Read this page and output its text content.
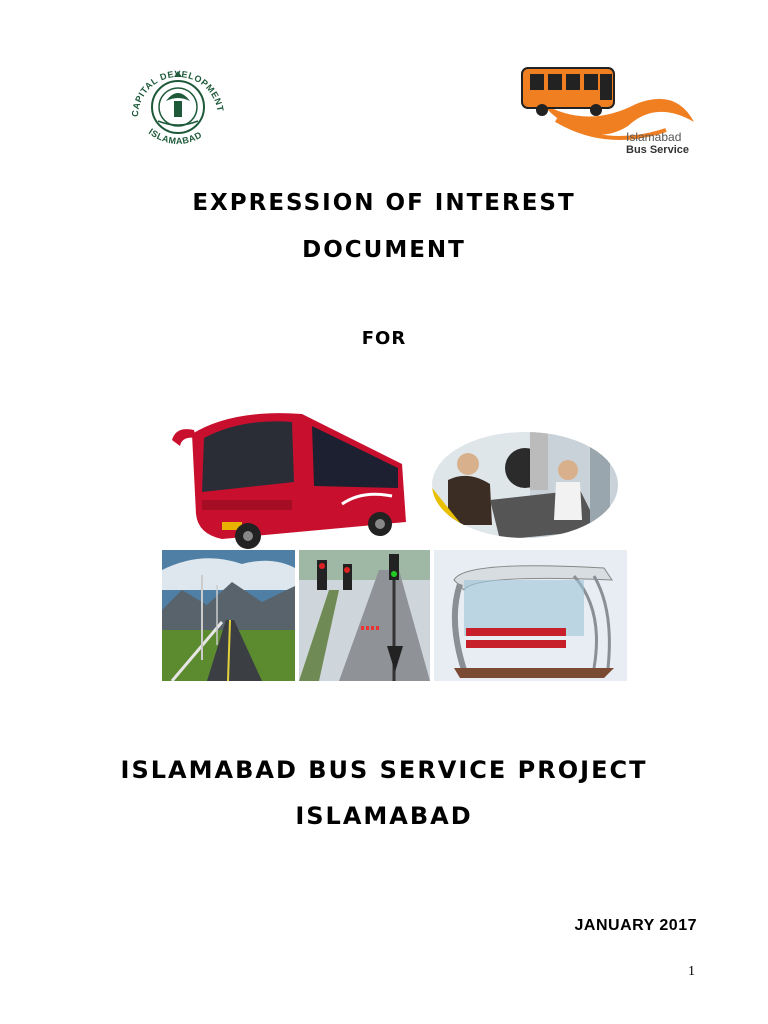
CAPITAL DEVELOPMENT
ISLAMABAD	Islamabad
Bus Service
EXPRESSION OF INTEREST
DOCUMENT
FOR
ISLAMABAD BUS SERVICE PROJECT
ISLAMABAD
JANUARY 2017
1
